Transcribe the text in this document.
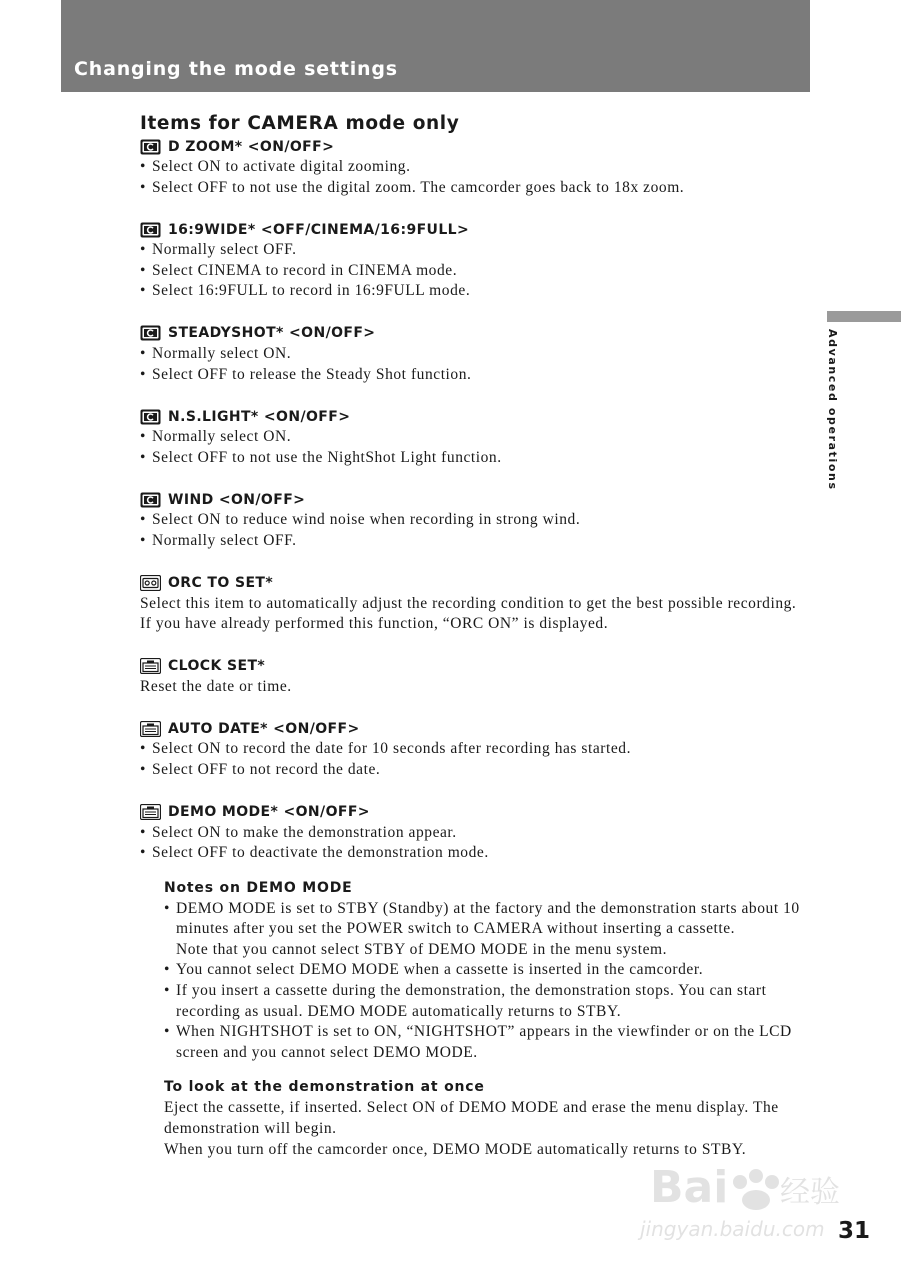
Changing the mode settings
Advanced operations
Items for CAMERA mode only
D ZOOM* <ON/OFF>
• Select ON to activate digital zooming.
• Select OFF to not use the digital zoom. The camcorder goes back to 18x zoom.
16:9WIDE* <OFF/CINEMA/16:9FULL>
• Normally select OFF.
• Select CINEMA to record in CINEMA mode.
• Select 16:9FULL to record in 16:9FULL mode.
STEADYSHOT* <ON/OFF>
• Normally select ON.
• Select OFF to release the Steady Shot function.
N.S.LIGHT* <ON/OFF>
• Normally select ON.
• Select OFF to not use the NightShot Light function.
WIND <ON/OFF>
• Select ON to reduce wind noise when recording in strong wind.
• Normally select OFF.
ORC TO SET*
Select this item to automatically adjust the recording condition to get the best possible recording.
If you have already performed this function, “ORC ON” is displayed.
CLOCK SET*
Reset the date or time.
AUTO DATE* <ON/OFF>
• Select ON to record the date for 10 seconds after recording has started.
• Select OFF to not record the date.
DEMO MODE* <ON/OFF>
• Select ON to make the demonstration appear.
• Select OFF to deactivate the demonstration mode.
Notes on DEMO MODE
• DEMO MODE is set to STBY (Standby) at the factory and the demonstration starts about 10 minutes after you set the POWER switch to CAMERA without inserting a cassette.
Note that you cannot select STBY of DEMO MODE in the menu system.
• You cannot select DEMO MODE when a cassette is inserted in the camcorder.
• If you insert a cassette during the demonstration, the demonstration stops. You can start recording as usual. DEMO MODE automatically returns to STBY.
• When NIGHTSHOT is set to ON, “NIGHTSHOT” appears in the viewfinder or on the LCD screen and you cannot select DEMO MODE.
To look at the demonstration at once
Eject the cassette, if inserted. Select ON of DEMO MODE and erase the menu display. The demonstration will begin.
When you turn off the camcorder once, DEMO MODE automatically returns to STBY.
31
Bai 经验
jingyan.baidu.com
